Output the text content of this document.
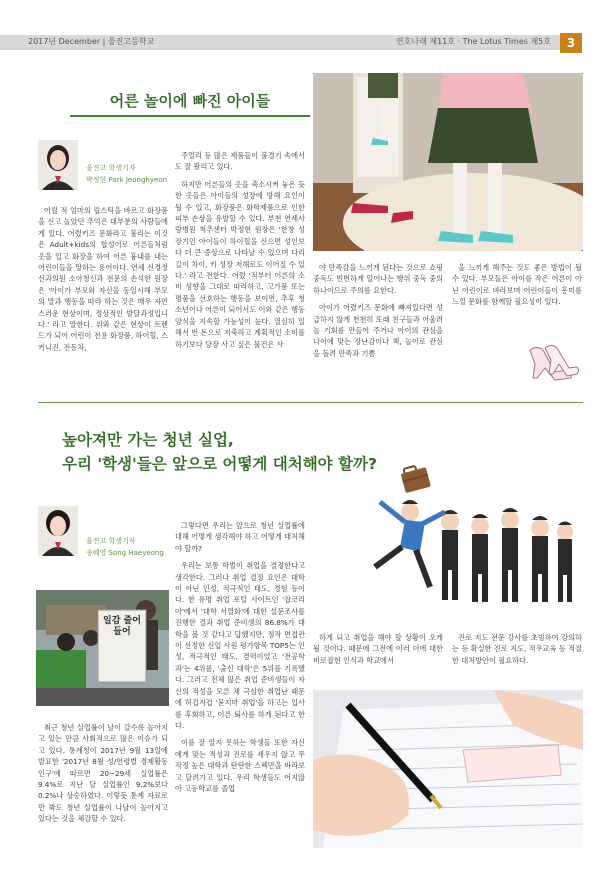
2017년 December | 울진고등학교	연호나래 제11호 · The Lotus Times 제5호	3
어른 놀이에 빠진 아이들
울진고 학생기자
박정현 Park Jeonghyeon

어릴 적 엄마의 립스틱을 바르고 화장품을 신고 놀았던 추억은 대부분의 사람들에게 있다. 어렸키즈 문화라고 불리는 이것은 Adult+kids의 합성어로 어른들처럼 옷을 입고 화장을 하여 어른 흉내를 내는 어린이들을 말하는 용어이다. 연세 신경정신과의원 소아청신과 전문의 손석한 원장은 '아이가 부모와 자신을 동일시해 부모의 말과 행동을 따라 하는 것은 매우 자연스러운 현상이며, 정상적인 발달과정입니다.' 라고 말한다. 위와 같은 현상이 트렌드가 되어 어린이 전용 화장품, 하이힐, 스커니진, 전동차,

주얼리 등 많은 제품들이 불경기 속에서도 잘 팔리고 있다.

하지만 어른들의 옷을 축소시켜 놓은 듯한 옷들은 아이들의 성장에 방해 요인이 될 수 있고, 화장품은 화학제품으로 인한 피부 손상을 유발할 수 있다. 부천 연세사랑병원 척추센터 박정현 원장은 '한창 성장기인 아이들이 하이힐을 신으면 성인보다 더 큰 증상으로 나타날 수 있으며 다리길이 차이, 키 성장 저해로도 이어질 수 있다.' 라고 전한다. 어렸 '적부터 어른의 소비 성향을 그대로 따라하고, 고가품 또는 명품을 선호하는 행동을 보이면, 추후 청소년이나 어른이 되어서도 이와 같은 행동 양식을 지속할 가능성이 높다. 열심히 일해서 번 돈으로 저축하고 계획적인 소비를 하기보다 당장 사고 싶은 물건은 사

야 만족감을 느끼게 된다는 것으로 쇼핑 중독도 빈번하게 일어나는 행위 중독 중의 하나이므로 주의를 요한다.

아이가 어렸키즈 문화에 빠져있다면 성급하지 않게 천천히 또래 친구들과 어울려 놀 기회를 만들어 주거나 아이의 관심을 나이에 맞는 장난감이나 책, 놀이로 관심을 돌려 만족과 기쁨

을 느끼게 해주는 것도 좋은 방법이 될 수 있다. 부모들은 아이를 작은 어른이 아닌 어린이로 바라보며 어린이들이 흥미를 느낄 문화를 함께할 필요성이 있다.

높아져만 가는 청년 실업,
우리 '학생'들은 앞으로 어떻게 대처해야 할까?
울진고 학생기자
송혜영 Song Haeyeong
일감 줄어들어

최근 청년 실업률이 날이 갈수록 높아지고 있는 만큼 사회적으로 많은 이슈가 되고 있다. 통계청이 2017년 9월 13일에 발표한 '2017년 8월 성/연령별 경제활동인구'에 따르면 20~29세 실업률은 9.4%로 지난 달 실업률인 9.2%보다 0.2%나 상승하였다. 이렇듯 통계 자료로만 봐도 청년 실업률이 나날이 높아지고 있다는 것을 체감할 수 있다.

그렇다면 우리는 앞으로 청년 실업률에 대해 어떻게 생각해야 하고 어떻게 대처해야 할까?

우리는 보통 학벌이 취업을 결정한다고 생각한다. 그러나 취업 결정 요인은 대학이 아닌 인성, 적극적인 태도, 경험 등이다. 한 유명 취업 포털 사이트인 '잡코리아'에서 '대학 서열화'에 대한 설문조사를 진행한 결과 취업 준비생의 86.8%가 대학을 볼 것 같다고 답했지만, 정작 면접관이 선정한 신입 사원 평가항목 TOP5는 인성, 적극적인 태도, 경력이었고 '전공학과'는 4위를, '출신 대학'은 5위를 기록했다. 그러고 전체 많은 취업 준비생들이 자신의 적성을 모른 채 극심한 취업난 때문에 허겁지겁 '묻지마 취업'을 하고는 입사를 후회하고, 이른 퇴사를 하게 된다고 한다.

이를 잘 알지 못하는 학생들 또한 자신에게 맞는 적성과 진로를 세우지 않고 무작정 높은 대학과 탄탄한 스펙만을 바라보고 달려가고 있다. 우리 학생들도 어지않아 고등학교를 졸업

하게 되고 취업을 해야 할 상황이 오게 될 것이다. 때문에 그전에 이러 이에 대한 비로잡힌 인식과 학교에서

진로 지도 전문 강사를 초빙하여 강의하는 등 확실한 진로 지도, 적우교육 등 적절한 대처방안이 필요하다.
